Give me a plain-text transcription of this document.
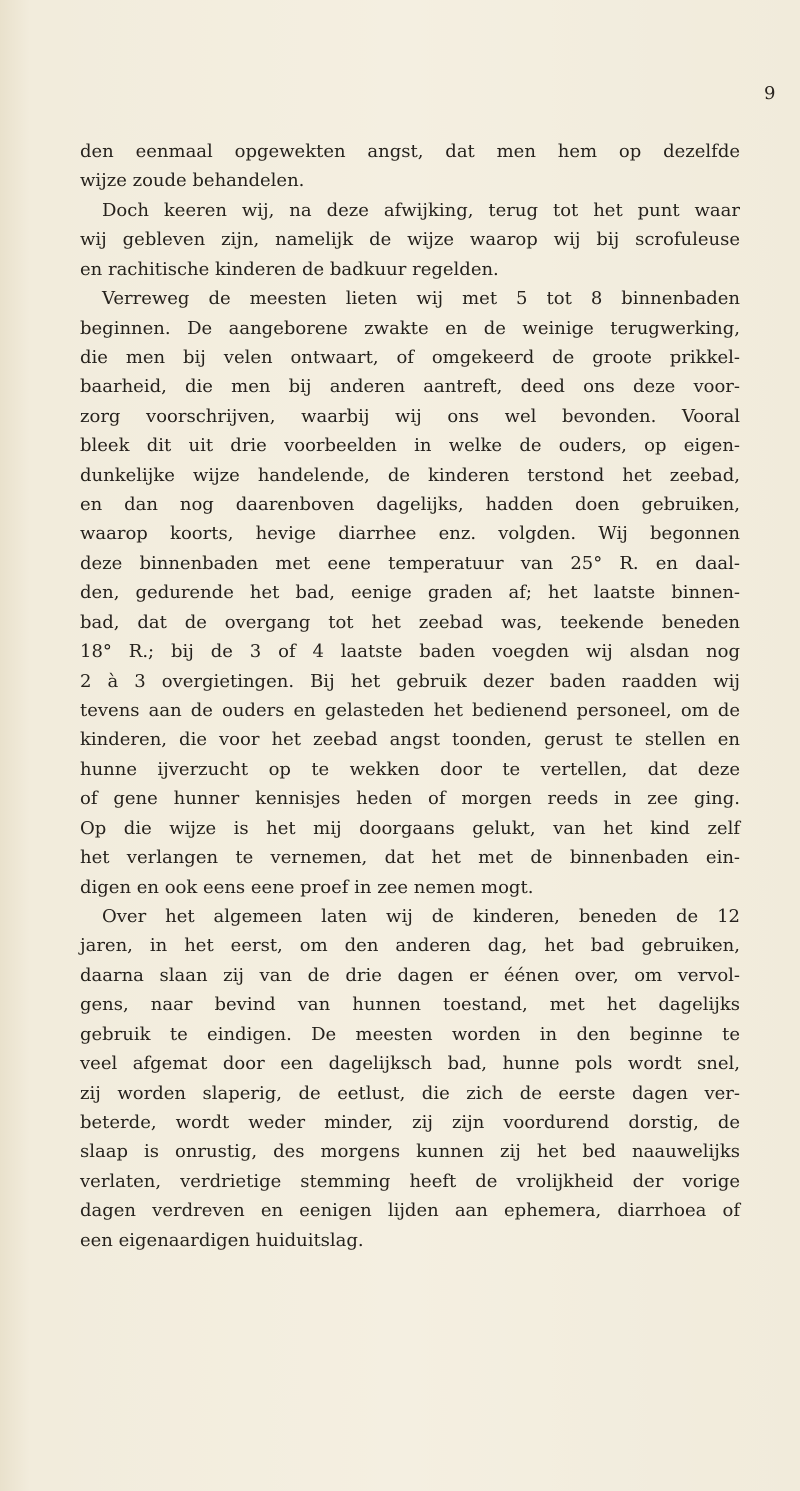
9
den eenmaal opgewekten angst, dat men hem op dezelfde
wijze zoude behandelen.
Doch keeren wij, na deze afwijking, terug tot het punt waar
wij gebleven zijn, namelijk de wijze waarop wij bij scrofuleuse
en rachitische kinderen de badkuur regelden.
Verreweg de meesten lieten wij met 5 tot 8 binnenbaden
beginnen. De aangeborene zwakte en de weinige terugwerking,
die men bij velen ontwaart, of omgekeerd de groote prikkel-
baarheid, die men bij anderen aantreft, deed ons deze voor-
zorg voorschrijven, waarbij wij ons wel bevonden. Vooral
bleek dit uit drie voorbeelden in welke de ouders, op eigen-
dunkelijke wijze handelende, de kinderen terstond het zeebad,
en dan nog daarenboven dagelijks, hadden doen gebruiken,
waarop koorts, hevige diarrhee enz. volgden. Wij begonnen
deze binnenbaden met eene temperatuur van 25° R. en daal-
den, gedurende het bad, eenige graden af; het laatste binnen-
bad, dat de overgang tot het zeebad was, teekende beneden
18° R.; bij de 3 of 4 laatste baden voegden wij alsdan nog
2 à 3 overgietingen. Bij het gebruik dezer baden raadden wij
tevens aan de ouders en gelasteden het bedienend personeel, om de
kinderen, die voor het zeebad angst toonden, gerust te stellen en
hunne ijverzucht op te wekken door te vertellen, dat deze
of gene hunner kennisjes heden of morgen reeds in zee ging.
Op die wijze is het mij doorgaans gelukt, van het kind zelf
het verlangen te vernemen, dat het met de binnenbaden ein-
digen en ook eens eene proef in zee nemen mogt.
Over het algemeen laten wij de kinderen, beneden de 12
jaren, in het eerst, om den anderen dag, het bad gebruiken,
daarna slaan zij van de drie dagen er éénen over, om vervol-
gens, naar bevind van hunnen toestand, met het dagelijks
gebruik te eindigen. De meesten worden in den beginne te
veel afgemat door een dagelijksch bad, hunne pols wordt snel,
zij worden slaperig, de eetlust, die zich de eerste dagen ver-
beterde, wordt weder minder, zij zijn voordurend dorstig, de
slaap is onrustig, des morgens kunnen zij het bed naauwelijks
verlaten, verdrietige stemming heeft de vrolijkheid der vorige
dagen verdreven en eenigen lijden aan ephemera, diarrhoea of
een eigenaardigen huiduitslag.
